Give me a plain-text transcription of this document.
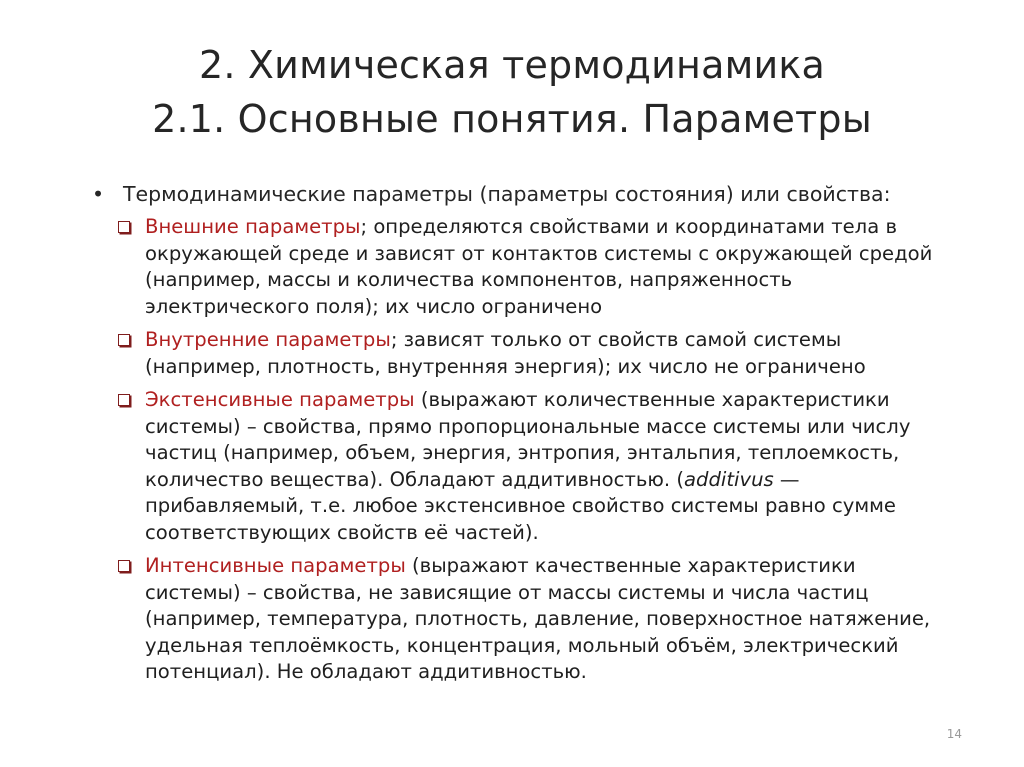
2. Химическая термодинамика
2.1. Основные понятия. Параметры
• Термодинамические параметры (параметры состояния) или свойства:
Внешние параметры; определяются свойствами и координатами тела в
окружающей среде и зависят от контактов системы с окружающей средой
(например, массы и количества компонентов, напряженность
электрического поля); их число ограничено
Внутренние параметры; зависят только от свойств самой системы
(например, плотность, внутренняя энергия); их число не ограничено
Экстенсивные параметры (выражают количественные характеристики
системы) – свойства, прямо пропорциональные массе системы или числу
частиц (например, объем, энергия, энтропия, энтальпия, теплоемкость,
количество вещества). Обладают аддитивностью. (additivus —
прибавляемый, т.е. любое экстенсивное свойство системы равно сумме
соответствующих свойств её частей).
Интенсивные параметры (выражают качественные характеристики
системы) – свойства, не зависящие от массы системы и числа частиц
(например, температура, плотность, давление, поверхностное натяжение,
удельная теплоёмкость, концентрация, мольный объём, электрический
потенциал). Не обладают аддитивностью.
14
